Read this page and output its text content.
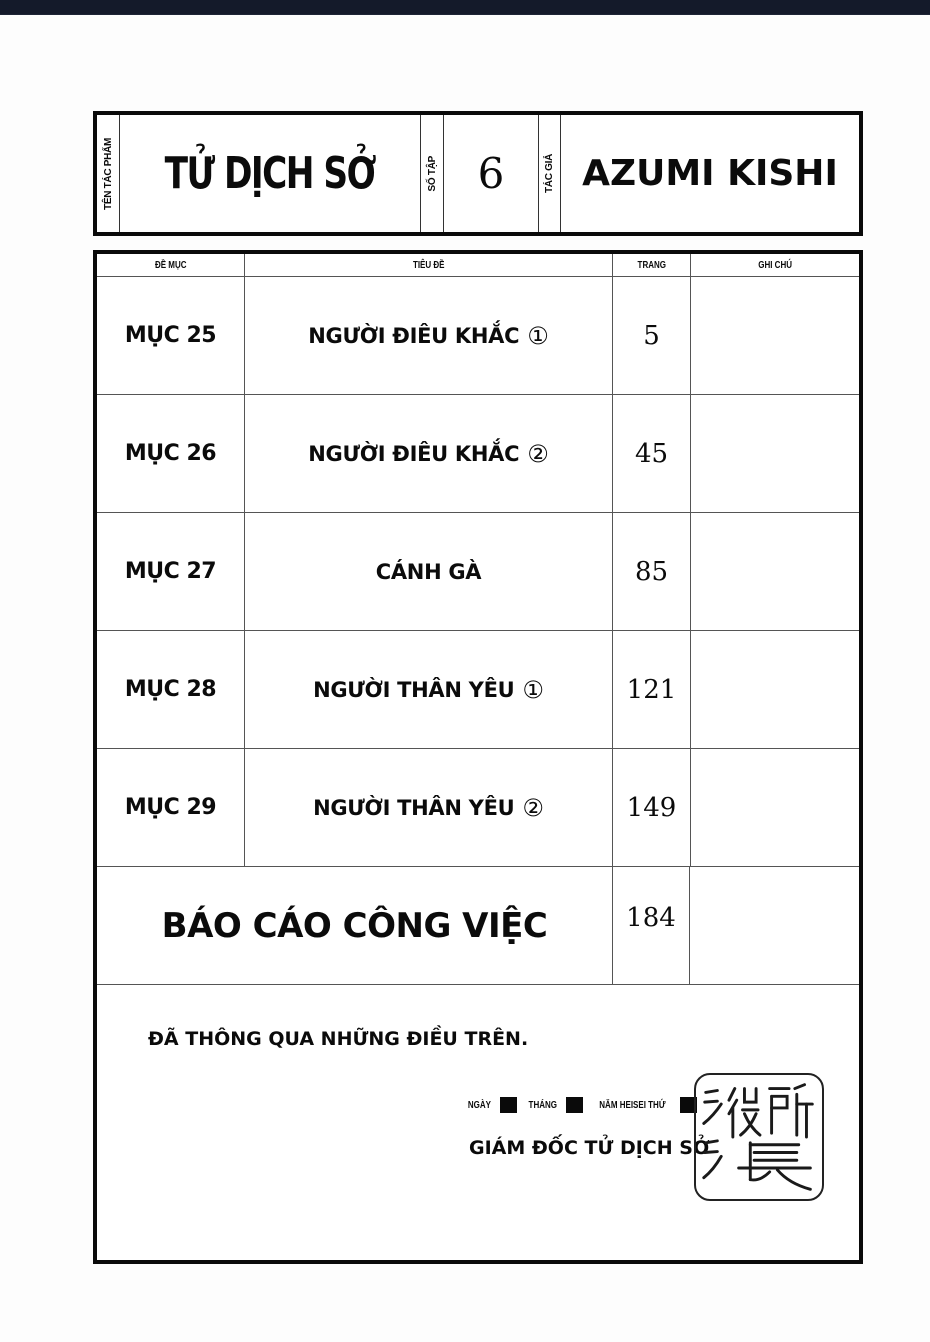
TÊN TÁC PHẨM TỬ DỊCH SỞ	SỐ TẬP 6	TÁC GIẢ AZUMI KISHI
ĐỀ MỤC	TIÊU ĐỀ	TRANG	GHI CHÚ
MỤC 25	NGƯỜI ĐIÊU KHẮC ①	5
MỤC 26	NGƯỜI ĐIÊU KHẮC ②	45
MỤC 27	CÁNH GÀ	85
MỤC 28	NGƯỜI THÂN YÊU ①	121
MỤC 29	NGƯỜI THÂN YÊU ②	149
BÁO CÁO CÔNG VIỆC	184
ĐÃ THÔNG QUA NHỮNG ĐIỀU TRÊN.
NGÀY	THÁNG	NĂM HEISEI THỨ
GIÁM ĐỐC TỬ DỊCH SỞ
